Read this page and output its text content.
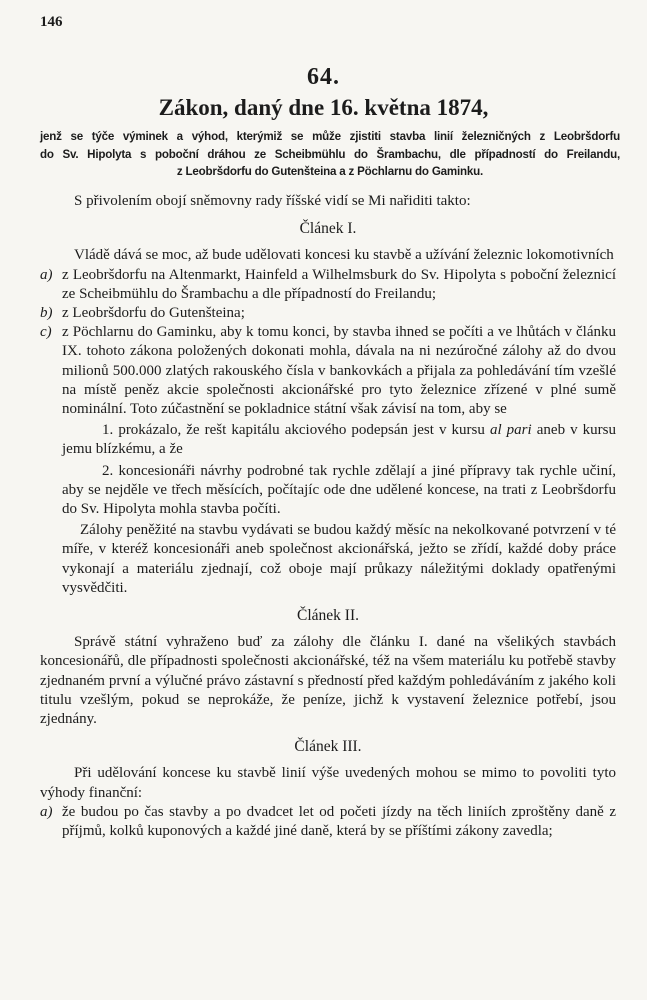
146
64.
Zákon, daný dne 16. května 1874,
jenž se týče výminek a výhod, kterýmiž se může zjistiti stavba linií železničných z Leobršdorfu
do Sv. Hipolyta s poboční dráhou ze Scheibmühlu do Šrambachu, dle případností do Freilandu,
z Leobršdorfu do Gutenšteina a z Pöchlarnu do Gaminku.

S přivolením obojí sněmovny rady říšské vidí se Mi nařiditi takto:

Článek I.

Vládě dává se moc, až bude udělovati koncesi ku stavbě a užívání železnic lokomotivních

a) z Leobršdorfu na Altenmarkt, Hainfeld a Wilhelmsburk do Sv. Hipolyta s poboční železnicí ze Scheibmühlu do Šrambachu a dle případností do Freilandu;
b) z Leobršdorfu do Gutenšteina;
c) z Pöchlarnu do Gaminku, aby k tomu konci, by stavba ihned se počíti a ve lhůtách v článku IX. tohoto zákona položených dokonati mohla, dávala na ni nezúročné zálohy až do dvou milionů 500.000 zlatých rakouského čísla v bankovkách a přijala za pohledávání tím vzešlé na místě peněz akcie společnosti akcionářské pro tyto železnice zřízené v plné sumě nominální. Toto zúčastnění se pokladnice státní však závisí na tom, aby se
1. prokázalo, že rešt kapitálu akciového podepsán jest v kursu al pari aneb v kursu jemu blízkému, a že
2. koncesionáři návrhy podrobné tak rychle zdělají a jiné přípravy tak rychle učiní, aby se nejděle ve třech měsících, počítajíc ode dne udělené koncese, na trati z Leobršdorfu do Sv. Hipolyta mohla stavba počíti.
Zálohy peněžité na stavbu vydávati se budou každý měsíc na nekolkované potvrzení v té míře, v kteréž koncesionáři aneb společnost akcionářská, ježto se zřídí, každé doby práce vykonají a materiálu zjednají, což oboje mají průkazy náležitými doklady opatřenými vysvědčiti.
Článek II.

Správě státní vyhraženo buď za zálohy dle článku I. dané na všelikých stavbách koncesionářů, dle případnosti společnosti akcionářské, též na všem materiálu ku potřebě stavby zjednaném první a výlučné právo zástavní s předností před každým pohledáváním z jakého koli titulu vzešlým, pokud se neprokáže, že peníze, jichž k vystavení železnice potřebí, jsou zjednány.

Článek III.

Při udělování koncese ku stavbě linií výše uvedených mohou se mimo to povoliti tyto výhody finanční:

a) že budou po čas stavby a po dvadcet let od početi jízdy na těch liniích zproštěny daně z příjmů, kolků kuponových a každé jiné daně, která by se příštími zákony zavedla;
